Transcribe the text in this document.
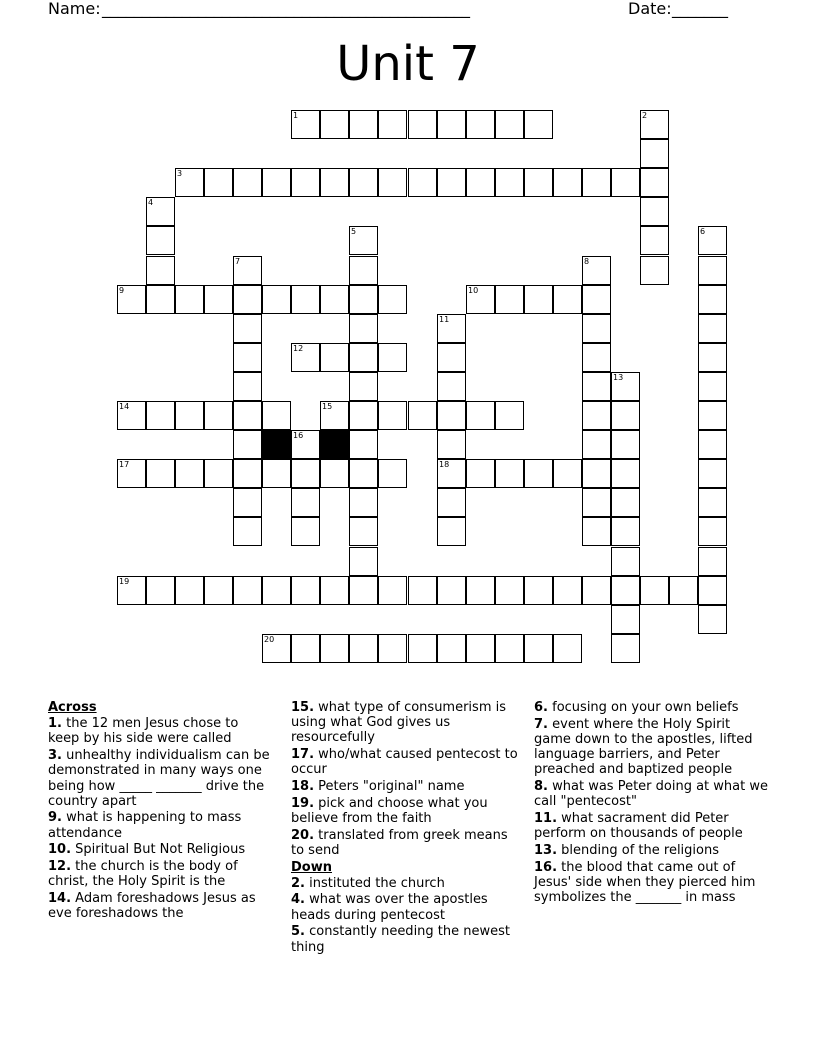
Name: ______________________________________________	Date: _______
Unit 7
1	2
3
4
5	6
7	8
9	10
11
18
12
13
14	15
16
17
19
20
Across
1. the 12 men Jesus chose to keep by his side were called
3. unhealthy individualism can be demonstrated in many ways one being how _____ _______ drive the country apart
9. what is happening to mass attendance
10. Spiritual But Not Religious
12. the church is the body of christ, the Holy Spirit is the
14. Adam foreshadows Jesus as eve foreshadows the
15. what type of consumerism is using what God gives us resourcefully
17. who/what caused pentecost to occur
18. Peters "original" name
19. pick and choose what you believe from the faith
20. translated from greek means to send
Down
2. instituted the church
4. what was over the apostles heads during pentecost
5. constantly needing the newest thing
6. focusing on your own beliefs
7. event where the Holy Spirit game down to the apostles, lifted language barriers, and Peter preached and baptized people
8. what was Peter doing at what we call "pentecost"
11. what sacrament did Peter perform on thousands of people
13. blending of the religions
16. the blood that came out of Jesus' side when they pierced him symbolizes the _______ in mass
